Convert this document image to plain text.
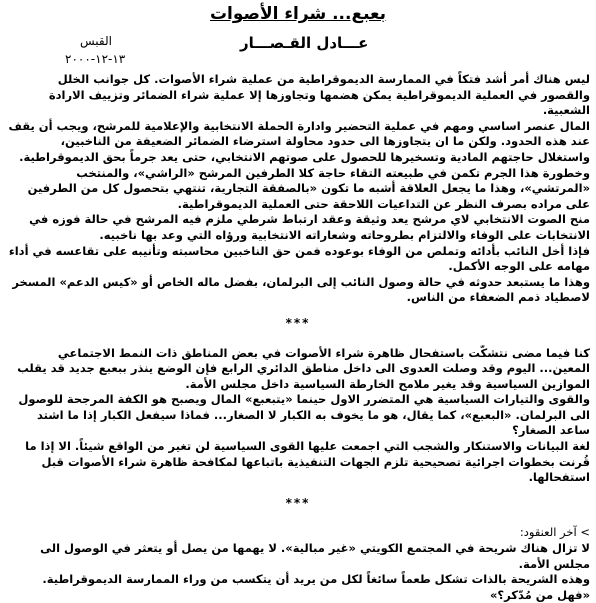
بعبع... شراء الأصوات
عـــادل القـصـــار
القبس
١٣-١٢-٢٠٠٠

ليس هناك أمر أشد فتكاً في الممارسة الديموقراطية من عملية شراء الأصوات. كل جوانب الخلل والقصور في العملية الديموقراطية يمكن هضمها وتجاوزها إلا عملية شراء الضمائر وتزييف الارادة الشعبية.

المال عنصر اساسي ومهم في عملية التحضير وادارة الحملة الانتخابية والإعلامية للمرشح، ويجب أن يقف عند هذه الحدود. ولكن ما ان يتجاوزها الى حدود محاولة استرضاء الضمائر الضعيفة من الناخبين، واستغلال حاجتهم المادية وتسخيرها للحصول على صوتهم الانتخابي، حتى يعد جرماً بحق الديموقراطية.

وخطورة هذا الجرم تكمن في طبيعته التقاء حاجة كلا الطرفين المرشح «الراشي»، والمنتخب «المرتشي»، وهذا ما يجعل العلاقة أشبه ما تكون «بالصفقة التجارية، تنتهي بتحصول كل من الطرفين على مراده بصرف النظر عن التداعيات اللاحقة حتى العملية الديموقراطية.

منح الصوت الانتخابي لاي مرشح يعد وثيقة وعقد ارتباط شرطي ملزم فيه المرشح في حالة فوزه في الانتخابات على الوفاء والالتزام بطروحاته وشعاراته الانتخابية ورؤاه التي وعد بها ناخبيه.

فإذا أخل النائب بأدائه وتملص من الوفاء بوعوده فمن حق الناخبين محاسبته وتأنيبه على تقاعسه في أداء مهامه على الوجه الأكمل.

وهذا ما يستبعد حدوثه في حالة وصول النائب إلى البرلمان، بفضل ماله الخاص أو «كيس الدعم» المسخر لاصطياد ذمم الضعفاء من الناس.

***

كنا فيما مضى نتشكّت باستفحال ظاهرة شراء الأصوات في بعض المناطق ذات النمط الاجتماعي المعين... اليوم وقد وصلت العدوى الى داخل مناطق الدائري الرابع فإن الوضع ينذر ببعبع جديد قد يقلب الموازين السياسية وقد يغير ملامح الخارطة السياسية داخل مجلس الأمة.

والقوى والتيارات السياسية هي المتضرر الاول حينما «يتبعبع» المال ويصبح هو الكفة المرجحة للوصول الى البرلمان. «البعبع»، كما يقال، هو ما يخوف به الكبار لا الصغار... فماذا سيفعل الكبار إذا ما اشتد ساعد الصغار؟

لغة البيانات والاستنكار والشجب التي اجمعت عليها القوى السياسية لن تغير من الواقع شيئاً. الا إذا ما قُرنت بخطوات اجرائية تصحيحية تلزم الجهات التنفيذية باتباعها لمكافحة ظاهرة شراء الأصوات قبل استفحالها.

***

> آخر العنقود:

لا تزال هناك شريحة في المجتمع الكويتي «غير مبالية». لا يهمها من يصل أو يتعثر في الوصول الى مجلس الأمة.

وهذه الشريحة بالذات تشكل طعماً سائغاً لكل من يريد أن يتكسب من وراء الممارسة الديموقراطية. «فهل من مُدّكر؟»
